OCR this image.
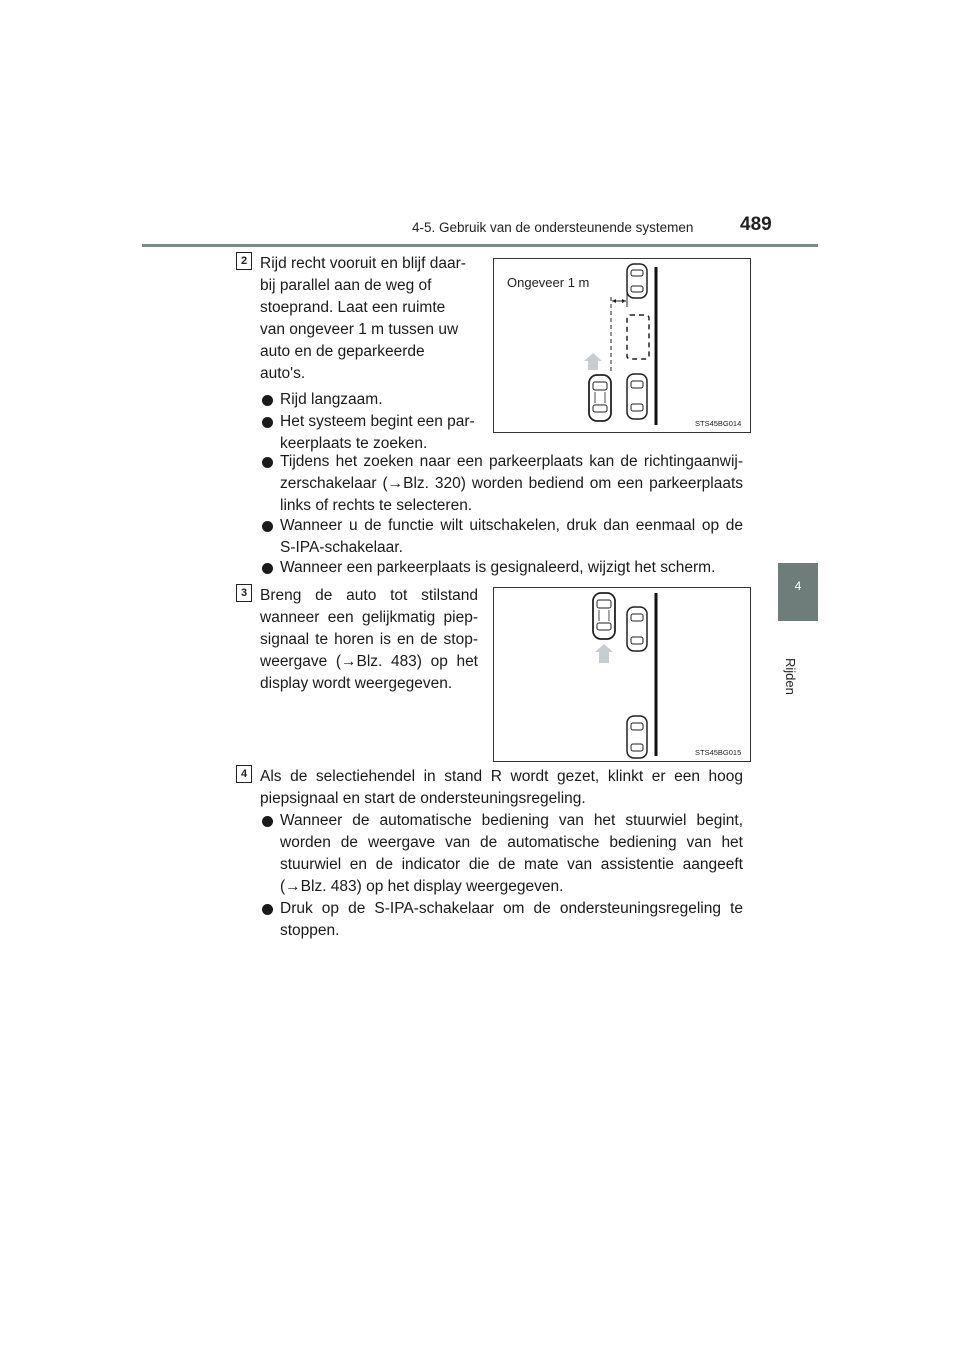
4-5. Gebruik van de ondersteunende systemen 489
4
Rijden
2 Rijd recht vooruit en blijf daar-
bij parallel aan de weg of
stoeprand. Laat een ruimte
van ongeveer 1 m tussen uw
auto en de geparkeerde
auto's.
Rijd langzaam.
Het systeem begint een par-
keerplaats te zoeken.
Tijdens het zoeken naar een parkeerplaats kan de richtingaanwij-
zerschakelaar (→Blz. 320) worden bediend om een parkeerplaats
links of rechts te selecteren.
Wanneer u de functie wilt uitschakelen, druk dan eenmaal op de
S-IPA-schakelaar.
Wanneer een parkeerplaats is gesignaleerd, wijzigt het scherm.
Ongeveer 1 m
STS45BG014
3 Breng de auto tot stilstand
wanneer een gelijkmatig piep-
signaal te horen is en de stop-
weergave (→Blz. 483) op het
display wordt weergegeven.
STS45BG015
4 Als de selectiehendel in stand R wordt gezet, klinkt er een hoog
piepsignaal en start de ondersteuningsregeling.
Wanneer de automatische bediening van het stuurwiel begint,
worden de weergave van de automatische bediening van het
stuurwiel en de indicator die de mate van assistentie aangeeft
(→Blz. 483) op het display weergegeven.
Druk op de S-IPA-schakelaar om de ondersteuningsregeling te
stoppen.
